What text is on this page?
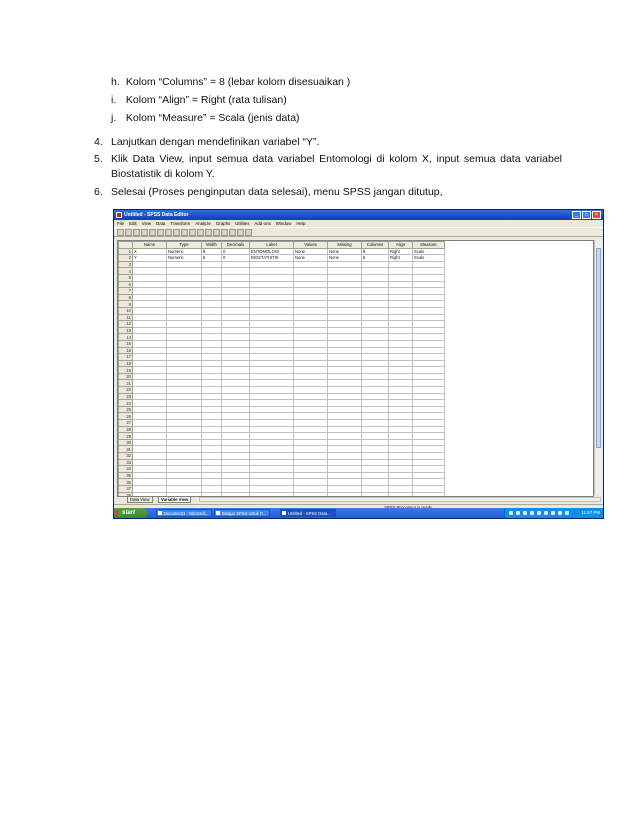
h. Kolom “Columns” = 8 (lebar kolom disesuaikan )
i. Kolom “Align” = Right (rata tulisan)
j. Kolom “Measure” = Scala (jenis data)
4. Lanjutkan dengan mendefinikan variabel “Y”.
5. Klik Data View, input semua data variabel Entomologi di kolom X, input semua data variabel Biostatistik di kolom Y.
6. Selesai (Proses penginputan data selesai), menu SPSS jangan ditutup,
Untitled - SPSS Data Editor	_	□	×
File Edit View Data Transform Analyze Graphs Utilities Add-ons Window Help
	Name	Type	Width	Decimals	Label	Values	Missing	Columns	Align	Measure
1	X	Numeric	8	0	ENTOMOLOGI	None	None	8	Right	Scale
2	Y	Numeric	8	0	BIOSTATISTIK	None	None	8	Right	Scale
3										
4										
5										
6										
7										
8										
9										
10										
11										
12										
13										
14										
15										
16										
17										
18										
19										
20										
21										
22										
23										
24										
25										
26										
27										
28										
29										
30										
31										
32										
33										
34										
35										
36										
37										
38										

Data View	Variable View
start	Document1 - Microsof...	Belajar SPSS untuk P...	Untitled - SPSS Data...	11:57 PM
